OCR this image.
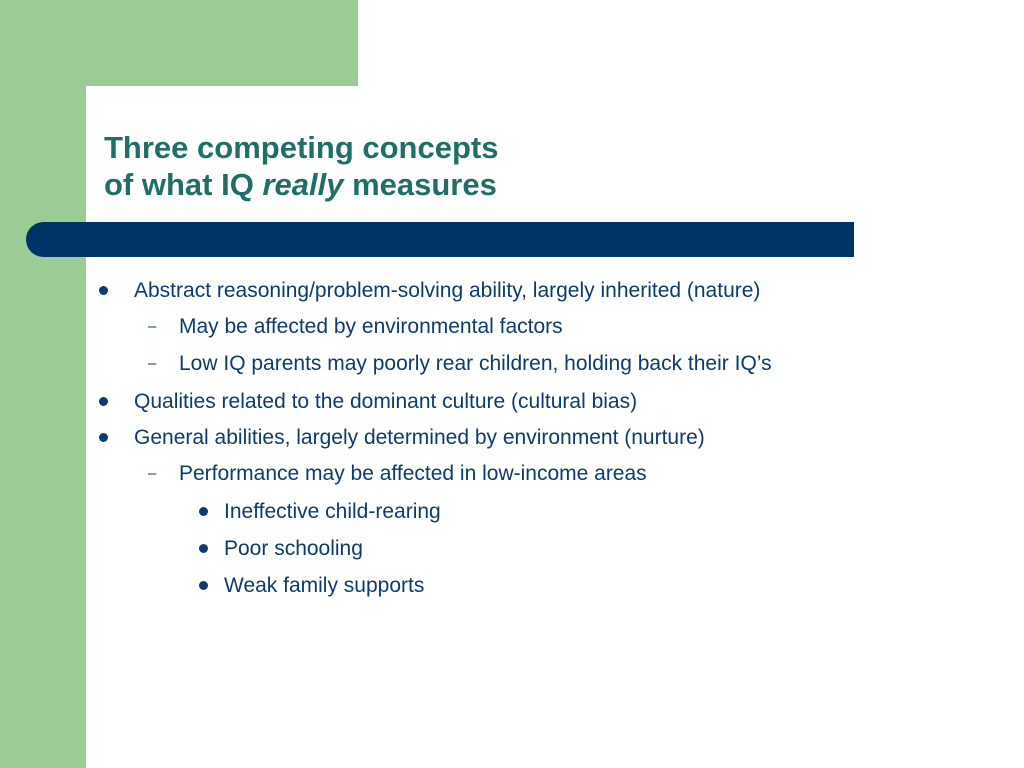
Three competing concepts
of what IQ really measures
Abstract reasoning/problem-solving ability, largely inherited (nature)
– May be affected by environmental factors
– Low IQ parents may poorly rear children, holding back their IQ’s
Qualities related to the dominant culture (cultural bias)
General abilities, largely determined by environment (nurture)
– Performance may be affected in low-income areas
Ineffective child-rearing
Poor schooling
Weak family supports
